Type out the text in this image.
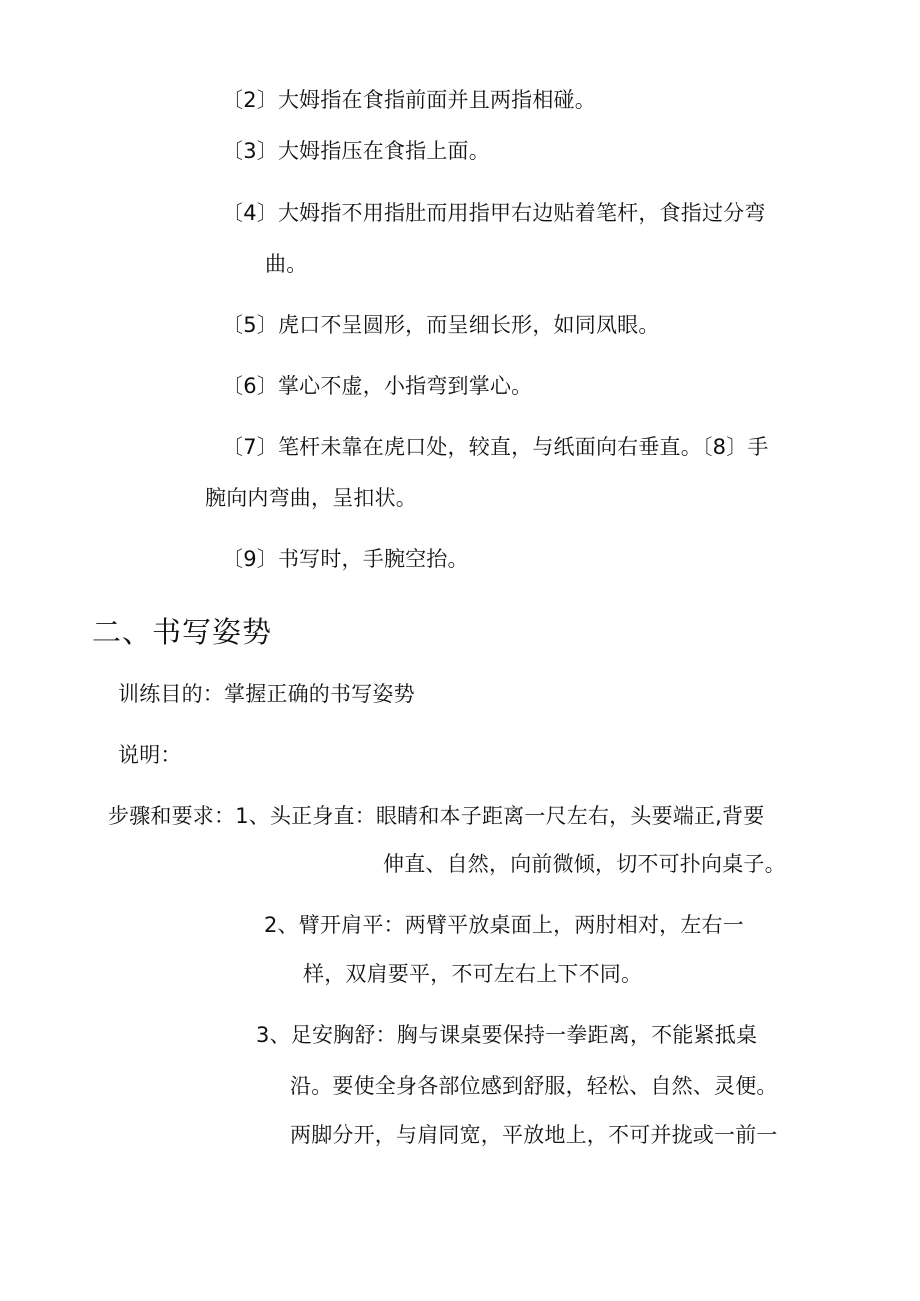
〔2〕大姆指在食指前面并且两指相碰。
〔3〕大姆指压在食指上面。
〔4〕大姆指不用指肚而用指甲右边贴着笔杆，食指过分弯
曲。
〔5〕虎口不呈圆形，而呈细长形，如同凤眼。
〔6〕掌心不虚，小指弯到掌心。
〔7〕笔杆未靠在虎口处，较直，与纸面向右垂直。〔8〕手
腕向内弯曲，呈扣状。
〔9〕书写时，手腕空抬。
二、书写姿势
训练目的：掌握正确的书写姿势
说明：
步骤和要求：1、头正身直：眼睛和本子距离一尺左右，头要端正,背要
伸直、自然，向前微倾，切不可扑向桌子。
2、臂开肩平：两臂平放桌面上，两肘相对，左右一
样，双肩要平，不可左右上下不同。
3、足安胸舒：胸与课桌要保持一拳距离，不能紧抵桌
沿。要使全身各部位感到舒服，轻松、自然、灵便。
两脚分开，与肩同宽，平放地上，不可并拢或一前一
